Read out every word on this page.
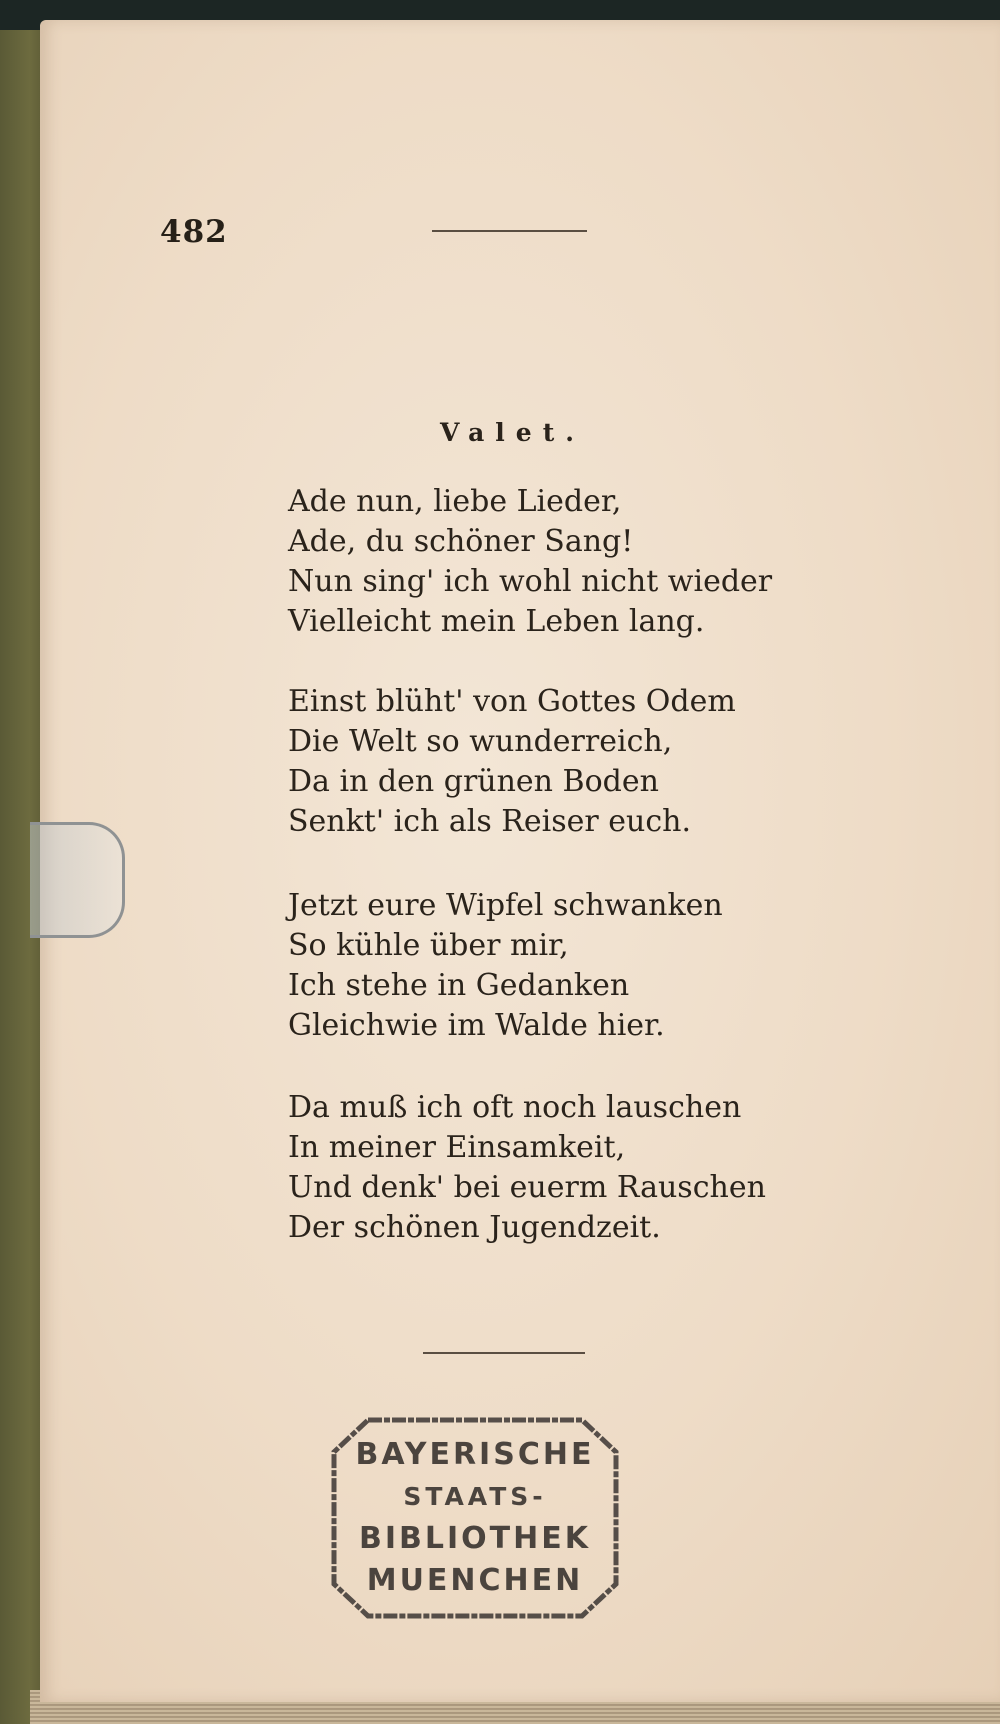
482
Valet.
Ade nun, liebe Lieder,
Ade, du schöner Sang!
Nun sing' ich wohl nicht wieder
Vielleicht mein Leben lang.
Einst blüht' von Gottes Odem
Die Welt so wunderreich,
Da in den grünen Boden
Senkt' ich als Reiser euch.
Jetzt eure Wipfel schwanken
So kühle über mir,
Ich stehe in Gedanken
Gleichwie im Walde hier.
Da muß ich oft noch lauschen
In meiner Einsamkeit,
Und denk' bei euerm Rauschen
Der schönen Jugendzeit.
BAYERISCHE
STAATS-
BIBLIOTHEK
MUENCHEN
